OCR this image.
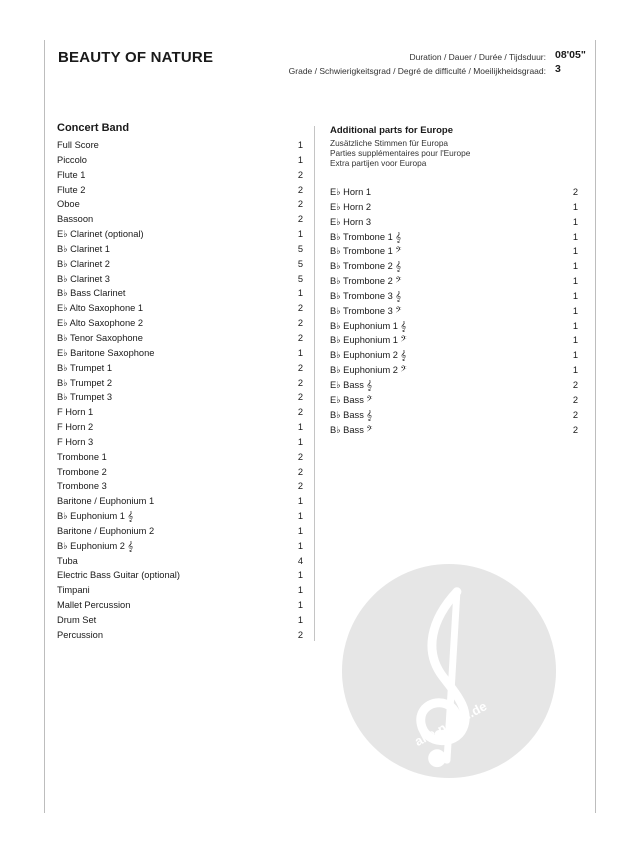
BEAUTY OF NATURE	Duration / Dauer / Durée / Tijdsduur: 08'05"
Grade / Schwierigkeitsgrad / Degré de difficulté / Moeilijkheidsgraad: 3
Concert Band
Full Score	1
Piccolo	1
Flute 1	2
Flute 2	2
Oboe	2
Bassoon	2
E♭ Clarinet (optional)	1
B♭ Clarinet 1	5
B♭ Clarinet 2	5
B♭ Clarinet 3	5
B♭ Bass Clarinet	1
E♭ Alto Saxophone 1	2
E♭ Alto Saxophone 2	2
B♭ Tenor Saxophone	2
E♭ Baritone Saxophone	1
B♭ Trumpet 1	2
B♭ Trumpet 2	2
B♭ Trumpet 3	2
F Horn 1	2
F Horn 2	1
F Horn 3	1
Trombone 1	2
Trombone 2	2
Trombone 3	2
Baritone / Euphonium 1	1
B♭ Euphonium 1 𝄞	1
Baritone / Euphonium 2	1
B♭ Euphonium 2 𝄞	1
Tuba	4
Electric Bass Guitar (optional)	1
Timpani	1
Mallet Percussion	1
Drum Set	1
Percussion	2
Additional parts for Europe
Zusätzliche Stimmen für Europa
Parties supplémentaires pour l'Europe
Extra partijen voor Europa
E♭ Horn 1	2
E♭ Horn 2	1
E♭ Horn 3	1
B♭ Trombone 1 𝄞	1
B♭ Trombone 1 𝄢	1
B♭ Trombone 2 𝄞	1
B♭ Trombone 2 𝄢	1
B♭ Trombone 3 𝄞	1
B♭ Trombone 3 𝄢	1
B♭ Euphonium 1 𝄞	1
B♭ Euphonium 1 𝄢	1
B♭ Euphonium 2 𝄞	1
B♭ Euphonium 2 𝄢	1
E♭ Bass 𝄞	2
E♭ Bass 𝄢	2
B♭ Bass 𝄞	2
B♭ Bass 𝄢	2
alle-noten.de
